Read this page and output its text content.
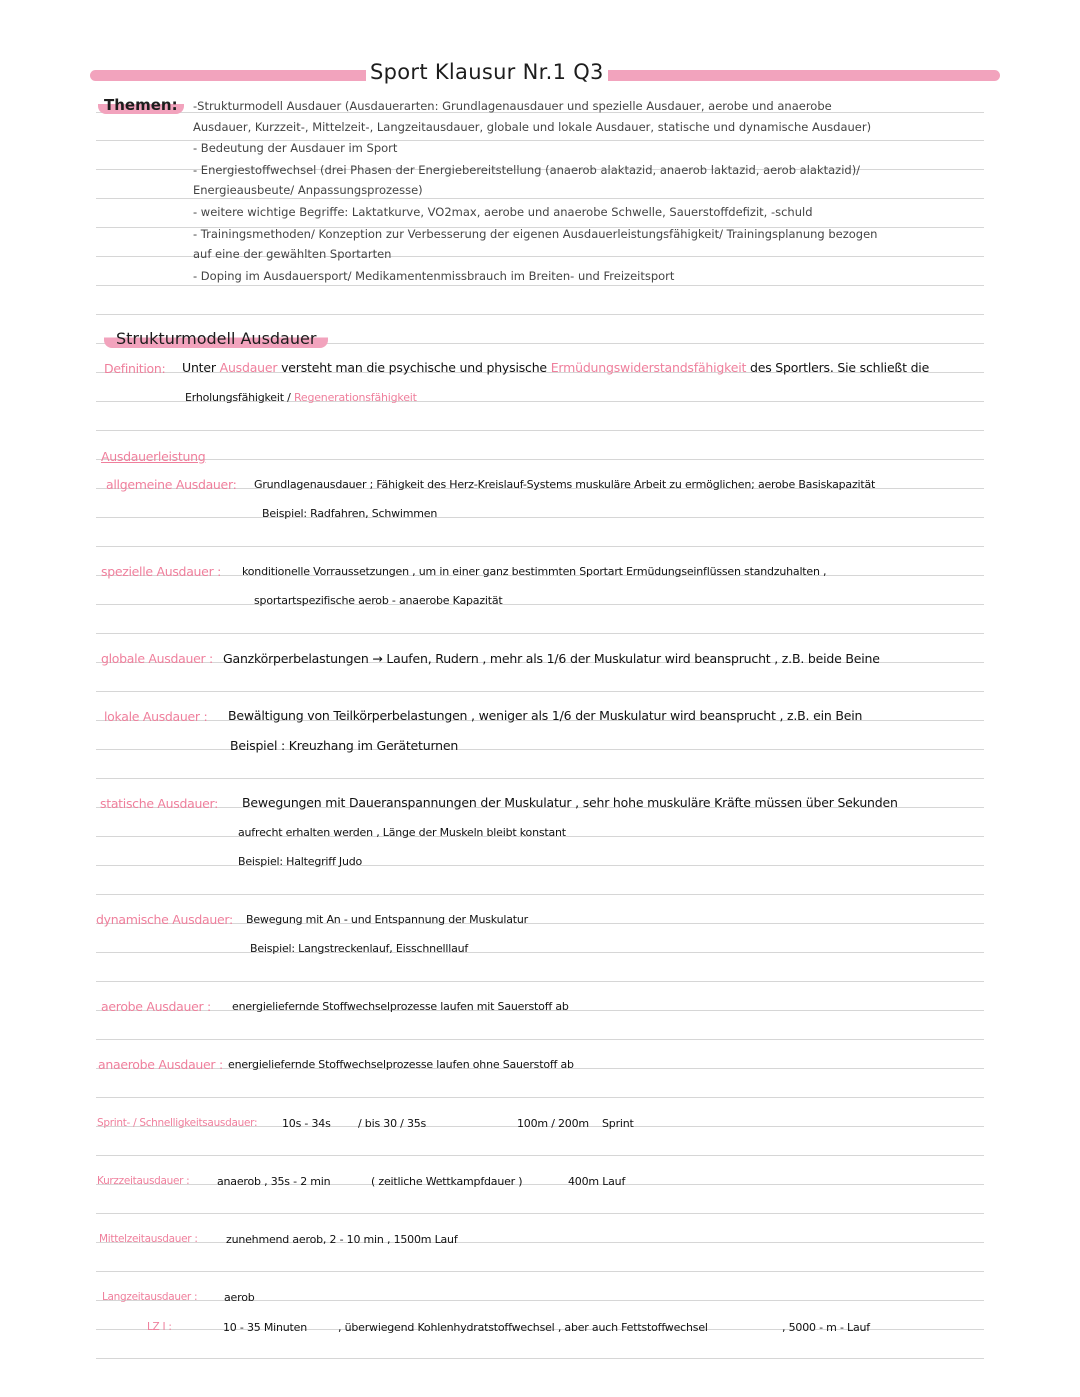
Sport Klausur Nr.1 Q3
Themen:	-Strukturmodell Ausdauer (Ausdauerarten: Grundlagenausdauer und spezielle Ausdauer, aerobe und anaerobe
Ausdauer, Kurzzeit-, Mittelzeit-, Langzeitausdauer, globale und lokale Ausdauer, statische und dynamische Ausdauer)
- Bedeutung der Ausdauer im Sport
- Energiestoffwechsel (drei Phasen der Energiebereitstellung (anaerob alaktazid, anaerob laktazid, aerob alaktazid)/
Energieausbeute/ Anpassungsprozesse)
- weitere wichtige Begriffe: Laktatkurve, VO2max, aerobe und anaerobe Schwelle, Sauerstoffdefizit, -schuld
- Trainingsmethoden/ Konzeption zur Verbesserung der eigenen Ausdauerleistungsfähigkeit/ Trainingsplanung bezogen
auf eine der gewählten Sportarten
- Doping im Ausdauersport/ Medikamentenmissbrauch im Breiten- und Freizeitsport
Strukturmodell Ausdauer
Definition: Unter Ausdauer versteht man die psychische und physische Ermüdungswiderstandsfähigkeit des Sportlers. Sie schließt die
Erholungsfähigkeit / Regenerationsfähigkeit
Ausdauerleistung
allgemeine Ausdauer: Grundlagenausdauer ; Fähigkeit des Herz-Kreislauf-Systems muskuläre Arbeit zu ermöglichen; aerobe Basiskapazität
Beispiel: Radfahren, Schwimmen
spezielle Ausdauer : konditionelle Vorraussetzungen , um in einer ganz bestimmten Sportart Ermüdungseinflüssen standzuhalten ,
sportartspezifische aerob - anaerobe Kapazität
globale Ausdauer : Ganzkörperbelastungen → Laufen, Rudern , mehr als 1/6 der Muskulatur wird beansprucht , z.B. beide Beine
lokale Ausdauer : Bewältigung von Teilkörperbelastungen , weniger als 1/6 der Muskulatur wird beansprucht , z.B. ein Bein
Beispiel : Kreuzhang im Geräteturnen
statische Ausdauer: Bewegungen mit Daueranspannungen der Muskulatur , sehr hohe muskuläre Kräfte müssen über Sekunden
aufrecht erhalten werden , Länge der Muskeln bleibt konstant
Beispiel: Haltegriff Judo
dynamische Ausdauer: Bewegung mit An - und Entspannung der Muskulatur
Beispiel: Langstreckenlauf, Eisschnelllauf
aerobe Ausdauer : energieliefernde Stoffwechselprozesse laufen mit Sauerstoff ab
anaerobe Ausdauer : energieliefernde Stoffwechselprozesse laufen ohne Sauerstoff ab
Sprint- / Schnelligkeitsausdauer: 10s - 34s / bis 30 / 35s	100m / 200m Sprint
Kurzzeitausdauer :	anaerob , 35s - 2 min	( zeitliche Wettkampfdauer )	400m Lauf
Mittelzeitausdauer :	zunehmend aerob, 2 - 10 min , 1500m Lauf
Langzeitausdauer : aerob
LZ I :	10 - 35 Minuten	, überwiegend Kohlenhydratstoffwechsel , aber auch Fettstoffwechsel	, 5000 - m - Lauf
